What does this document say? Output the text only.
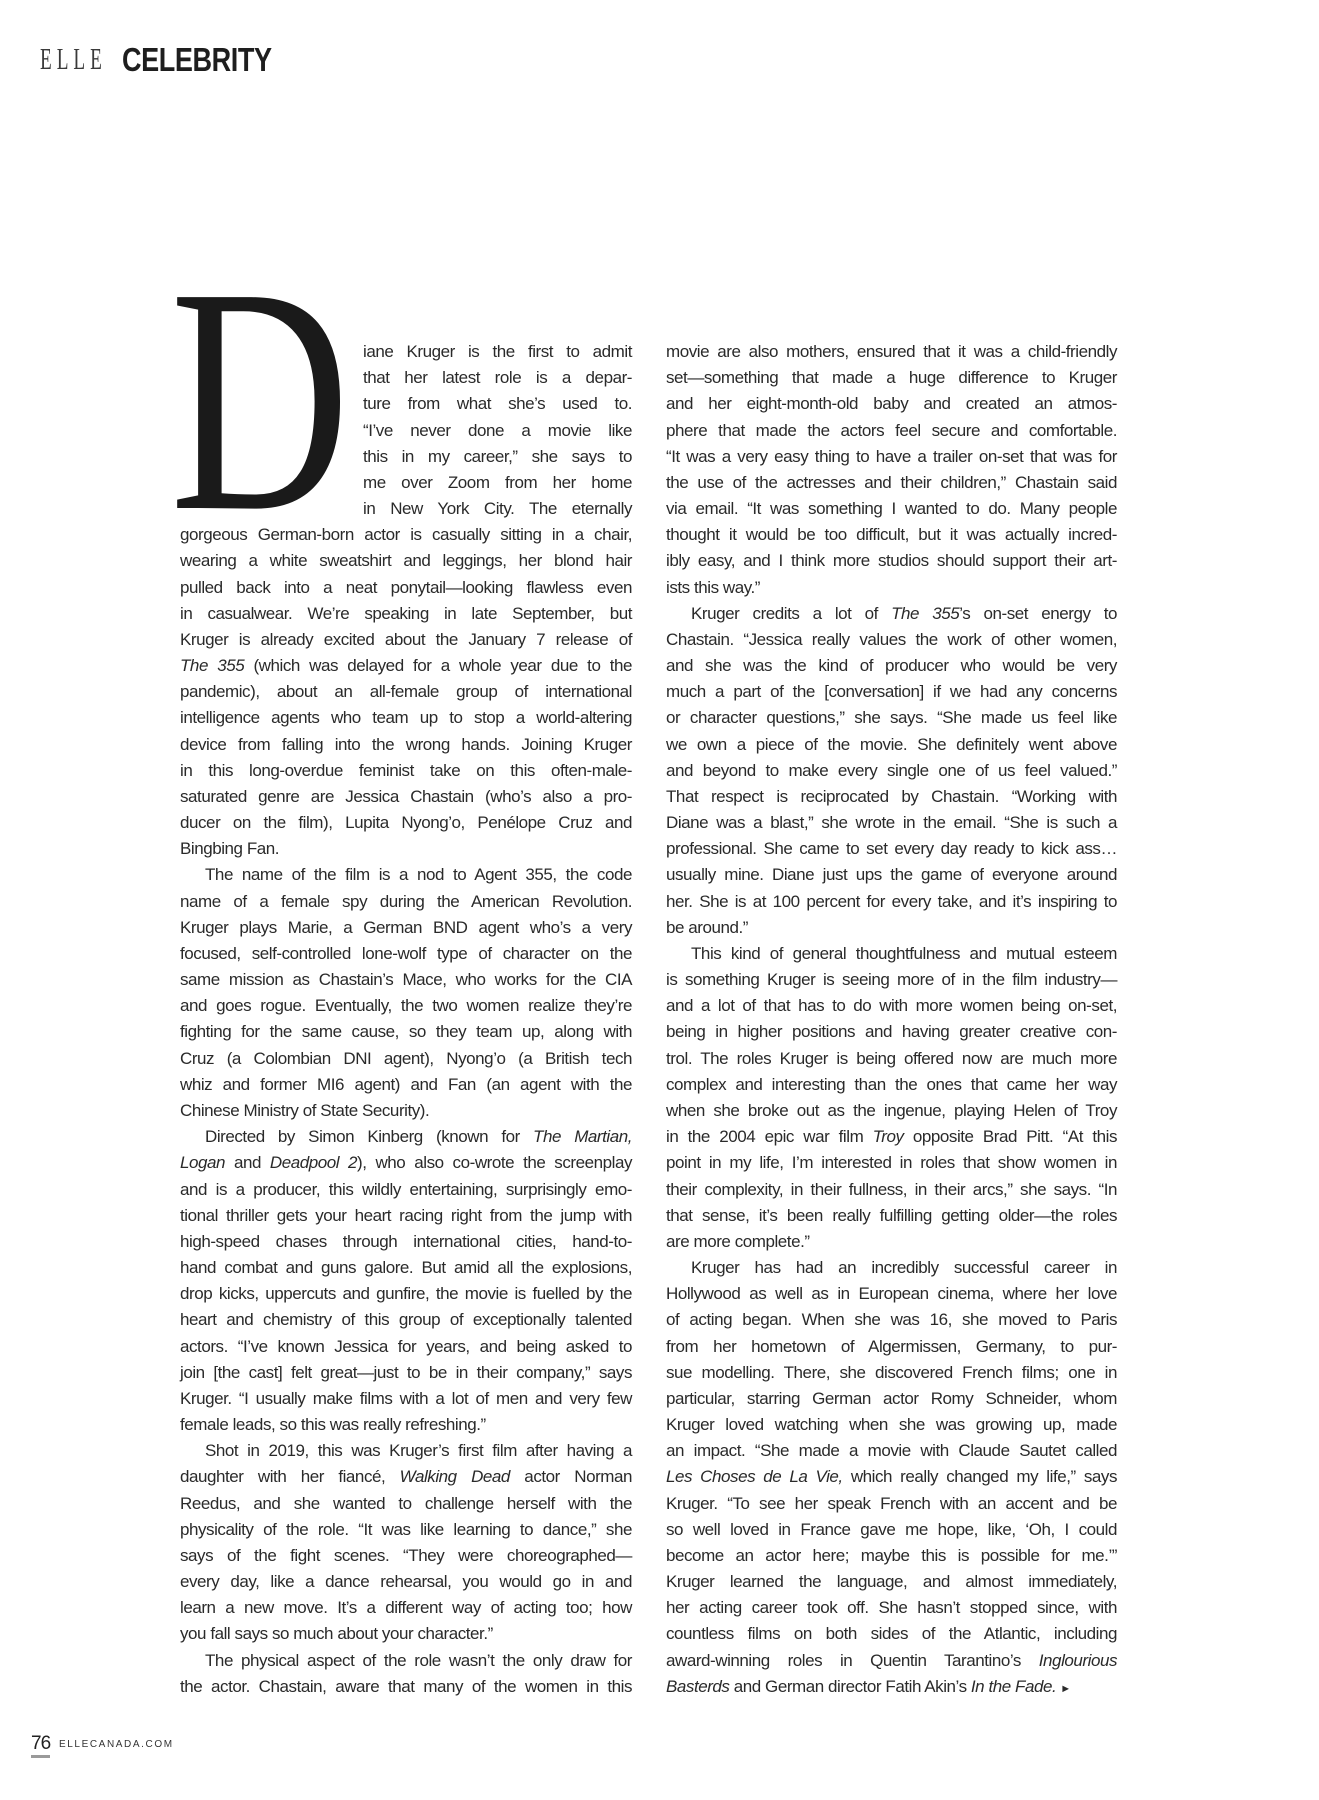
ELLE CELEBRITY
D iane Kruger is the first to admit
that her latest role is a depar-
ture from what she’s used to.
“I’ve never done a movie like
this in my career,” she says to
me over Zoom from her home
in New York City. The eternally
gorgeous German-born actor is casually sitting in a chair,
wearing a white sweatshirt and leggings, her blond hair
pulled back into a neat ponytail—looking flawless even
in casualwear. We’re speaking in late September, but
Kruger is already excited about the January 7 release of
The 355 (which was delayed for a whole year due to the
pandemic), about an all-female group of international
intelligence agents who team up to stop a world-altering
device from falling into the wrong hands. Joining Kruger
in this long-overdue feminist take on this often-male-
saturated genre are Jessica Chastain (who’s also a pro-
ducer on the film), Lupita Nyong’o, Penélope Cruz and
Bingbing Fan.
The name of the film is a nod to Agent 355, the code
name of a female spy during the American Revolution.
Kruger plays Marie, a German BND agent who’s a very
focused, self-controlled lone-wolf type of character on the
same mission as Chastain’s Mace, who works for the CIA
and goes rogue. Eventually, the two women realize they’re
fighting for the same cause, so they team up, along with
Cruz (a Colombian DNI agent), Nyong’o (a British tech
whiz and former MI6 agent) and Fan (an agent with the
Chinese Ministry of State Security).
Directed by Simon Kinberg (known for The Martian,
Logan and Deadpool 2), who also co-wrote the screenplay
and is a producer, this wildly entertaining, surprisingly emo-
tional thriller gets your heart racing right from the jump with
high-speed chases through international cities, hand-to-
hand combat and guns galore. But amid all the explosions,
drop kicks, uppercuts and gunfire, the movie is fuelled by the
heart and chemistry of this group of exceptionally talented
actors. “I’ve known Jessica for years, and being asked to
join [the cast] felt great—just to be in their company,” says
Kruger. “I usually make films with a lot of men and very few
female leads, so this was really refreshing.”
Shot in 2019, this was Kruger’s first film after having a
daughter with her fiancé, Walking Dead actor Norman
Reedus, and she wanted to challenge herself with the
physicality of the role. “It was like learning to dance,” she
says of the fight scenes. “They were choreographed—
every day, like a dance rehearsal, you would go in and
learn a new move. It’s a different way of acting too; how
you fall says so much about your character.”
The physical aspect of the role wasn’t the only draw for
the actor. Chastain, aware that many of the women in this
movie are also mothers, ensured that it was a child-friendly
set—something that made a huge difference to Kruger
and her eight-month-old baby and created an atmos-
phere that made the actors feel secure and comfortable.
“It was a very easy thing to have a trailer on-set that was for
the use of the actresses and their children,” Chastain said
via email. “It was something I wanted to do. Many people
thought it would be too difficult, but it was actually incred-
ibly easy, and I think more studios should support their art-
ists this way.”
Kruger credits a lot of The 355’s on-set energy to
Chastain. “Jessica really values the work of other women,
and she was the kind of producer who would be very
much a part of the [conversation] if we had any concerns
or character questions,” she says. “She made us feel like
we own a piece of the movie. She definitely went above
and beyond to make every single one of us feel valued.”
That respect is reciprocated by Chastain. “Working with
Diane was a blast,” she wrote in the email. “She is such a
professional. She came to set every day ready to kick ass…
usually mine. Diane just ups the game of everyone around
her. She is at 100 percent for every take, and it’s inspiring to
be around.”
This kind of general thoughtfulness and mutual esteem
is something Kruger is seeing more of in the film industry—
and a lot of that has to do with more women being on-set,
being in higher positions and having greater creative con-
trol. The roles Kruger is being offered now are much more
complex and interesting than the ones that came her way
when she broke out as the ingenue, playing Helen of Troy
in the 2004 epic war film Troy opposite Brad Pitt. “At this
point in my life, I’m interested in roles that show women in
their complexity, in their fullness, in their arcs,” she says. “In
that sense, it’s been really fulfilling getting older—the roles
are more complete.”
Kruger has had an incredibly successful career in
Hollywood as well as in European cinema, where her love
of acting began. When she was 16, she moved to Paris
from her hometown of Algermissen, Germany, to pur-
sue modelling. There, she discovered French films; one in
particular, starring German actor Romy Schneider, whom
Kruger loved watching when she was growing up, made
an impact. “She made a movie with Claude Sautet called
Les Choses de La Vie, which really changed my life,” says
Kruger. “To see her speak French with an accent and be
so well loved in France gave me hope, like, ‘Oh, I could
become an actor here; maybe this is possible for me.’”
Kruger learned the language, and almost immediately,
her acting career took off. She hasn’t stopped since, with
countless films on both sides of the Atlantic, including
award-winning roles in Quentin Tarantino’s Inglourious
Basterds and German director Fatih Akin’s In the Fade. ►
76 ELLECANADA.COM
